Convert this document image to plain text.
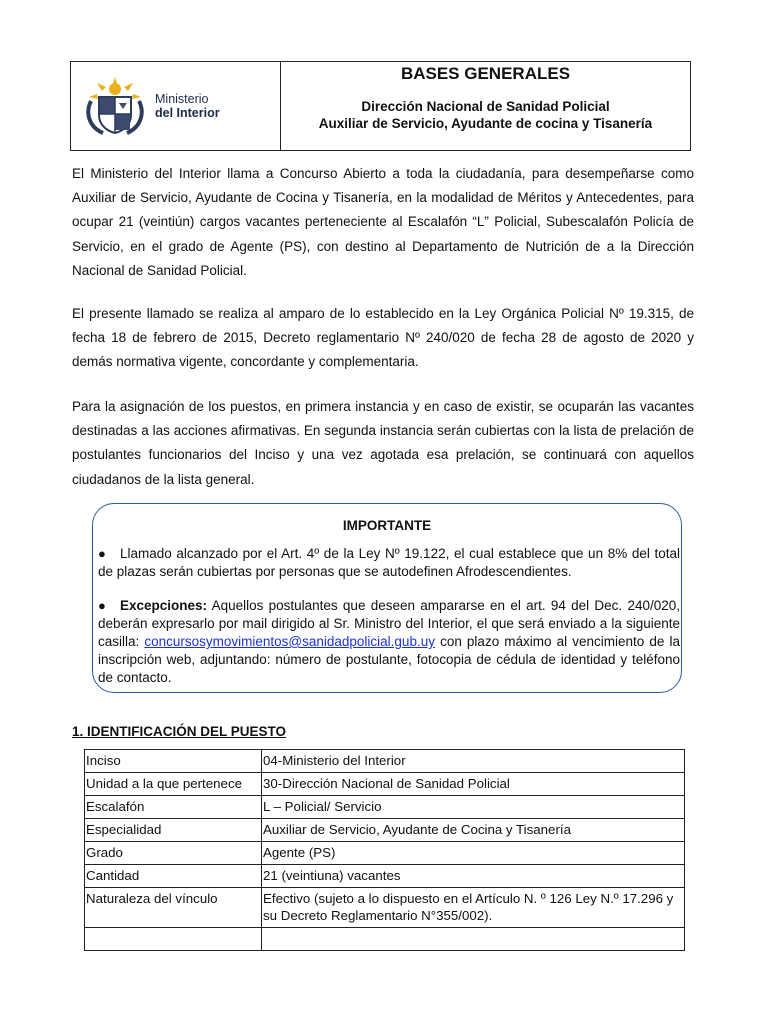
Ministerio
del Interior
BASES GENERALES
Dirección Nacional de Sanidad Policial
Auxiliar de Servicio, Ayudante de cocina y Tisanería
El Ministerio del Interior llama a Concurso Abierto a toda la ciudadanía, para desempeñarse como Auxiliar de Servicio, Ayudante de Cocina y Tisanería, en la modalidad de Méritos y Antecedentes, para ocupar 21 (veintiún) cargos vacantes perteneciente al Escalafón “L” Policial, Subescalafón Policía de Servicio, en el grado de Agente (PS), con destino al Departamento de Nutrición de a la Dirección Nacional de Sanidad Policial.
El presente llamado se realiza al amparo de lo establecido en la Ley Orgánica Policial Nº 19.315, de fecha 18 de febrero de 2015, Decreto reglamentario Nº 240/020 de fecha 28 de agosto de 2020 y demás normativa vigente, concordante y complementaria.
Para la asignación de los puestos, en primera instancia y en caso de existir, se ocuparán las vacantes destinadas a las acciones afirmativas. En segunda instancia serán cubiertas con la lista de prelación de postulantes funcionarios del Inciso y una vez agotada esa prelación, se continuará con aquellos ciudadanos de la lista general.
IMPORTANTE
●	Llamado alcanzado por el Art. 4º de la Ley Nº 19.122, el cual establece que un 8% del total de plazas serán cubiertas por personas que se autodefinen Afrodescendientes.
●	Excepciones: Aquellos postulantes que deseen ampararse en el art. 94 del Dec. 240/020, deberán expresarlo por mail dirigido al Sr. Ministro del Interior, el que será enviado a la siguiente casilla: concursosymovimientos@sanidadpolicial.gub.uy con plazo máximo al vencimiento de la inscripción web, adjuntando: número de postulante, fotocopia de cédula de identidad y teléfono de contacto.
1. IDENTIFICACIÓN DEL PUESTO
Inciso	04-Ministerio del Interior
Unidad a la que pertenece	30-Dirección Nacional de Sanidad Policial
Escalafón	L – Policial/ Servicio
Especialidad	Auxiliar de Servicio, Ayudante de Cocina y Tisanería
Grado	Agente (PS)
Cantidad	21 (veintiuna) vacantes
Naturaleza del vínculo	Efectivo (sujeto a lo dispuesto en el Artículo N. º 126 Ley N.º 17.296 y su Decreto Reglamentario N°355/002).
